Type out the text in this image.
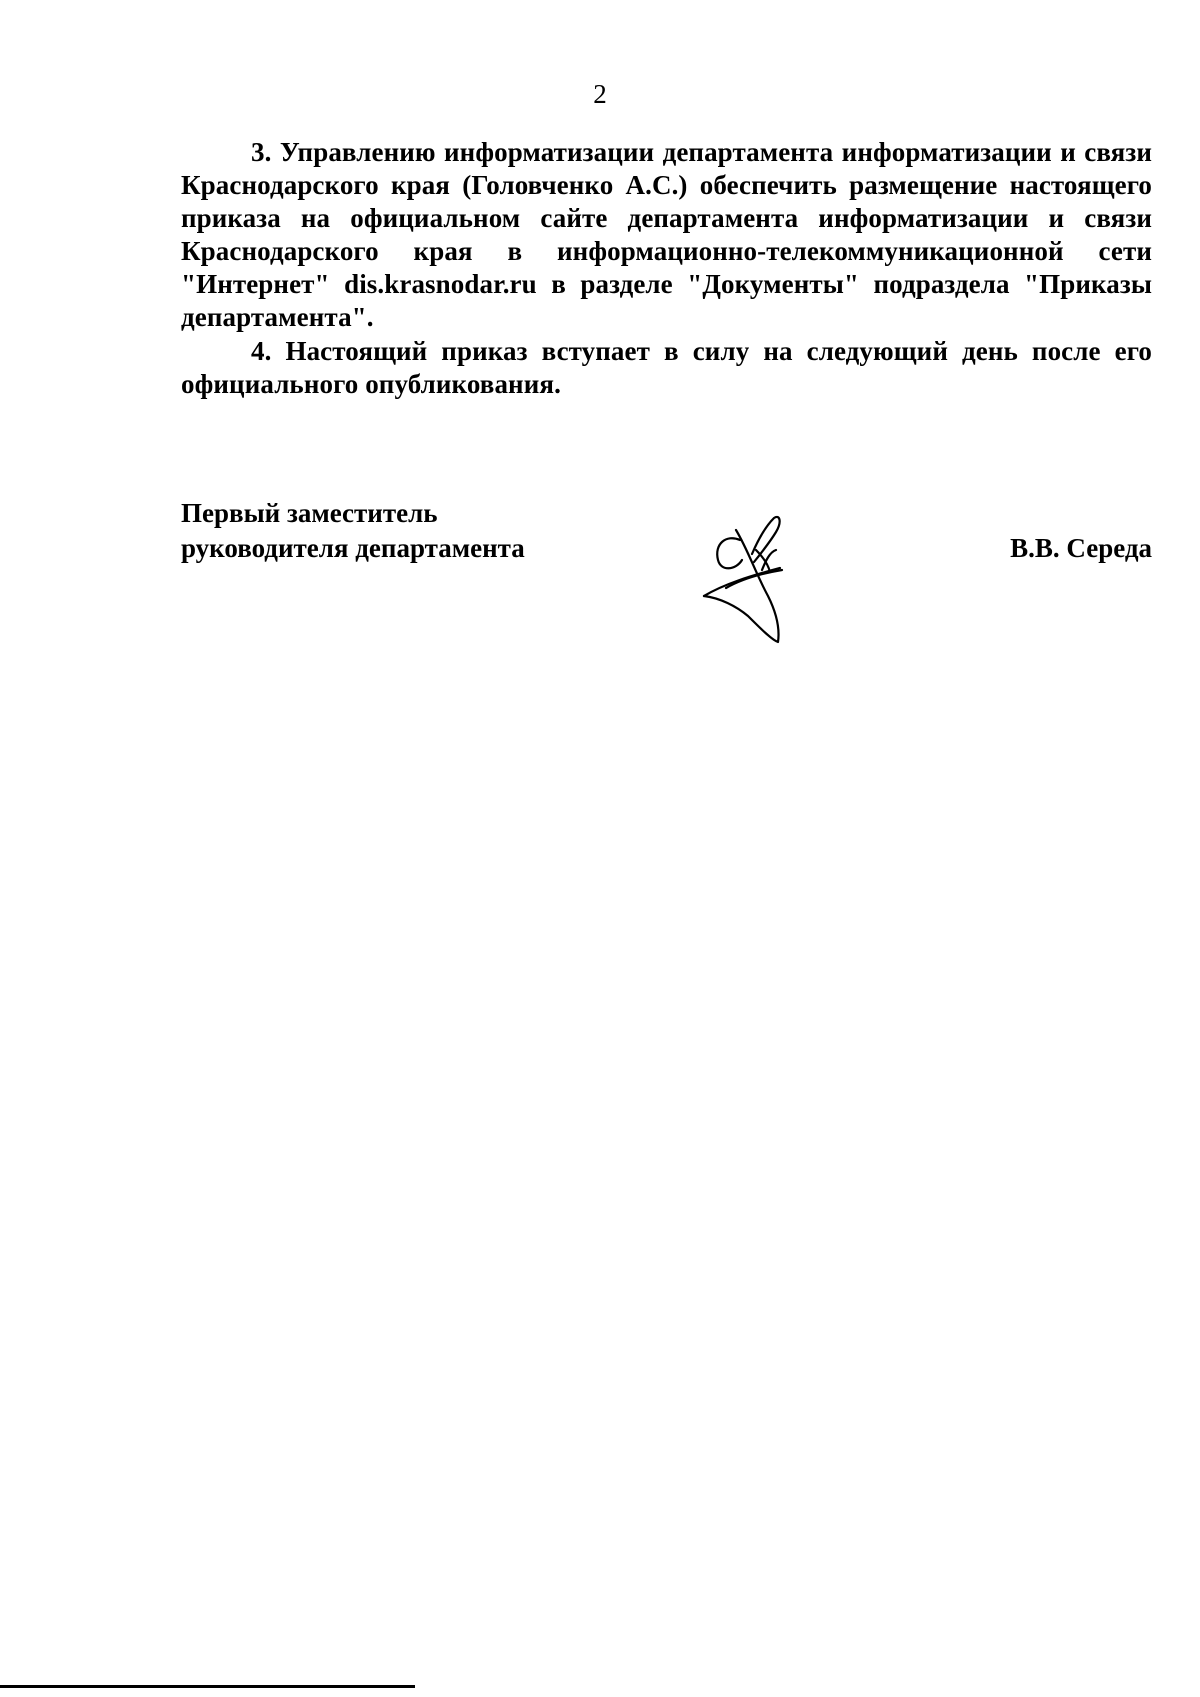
2

3. Управлению информатизации департамента информатизации и связи Краснодарского края (Головченко А.С.) обеспечить размещение настоящего приказа на официальном сайте департамента информатизации и связи Краснодарского края в информационно-телекоммуникационной сети "Интернет" dis.krasnodar.ru в разделе "Документы" подраздела "Приказы департамента".

4. Настоящий приказ вступает в силу на следующий день после его официального опубликования.

Первый заместитель
руководителя департамента	В.В. Середа
